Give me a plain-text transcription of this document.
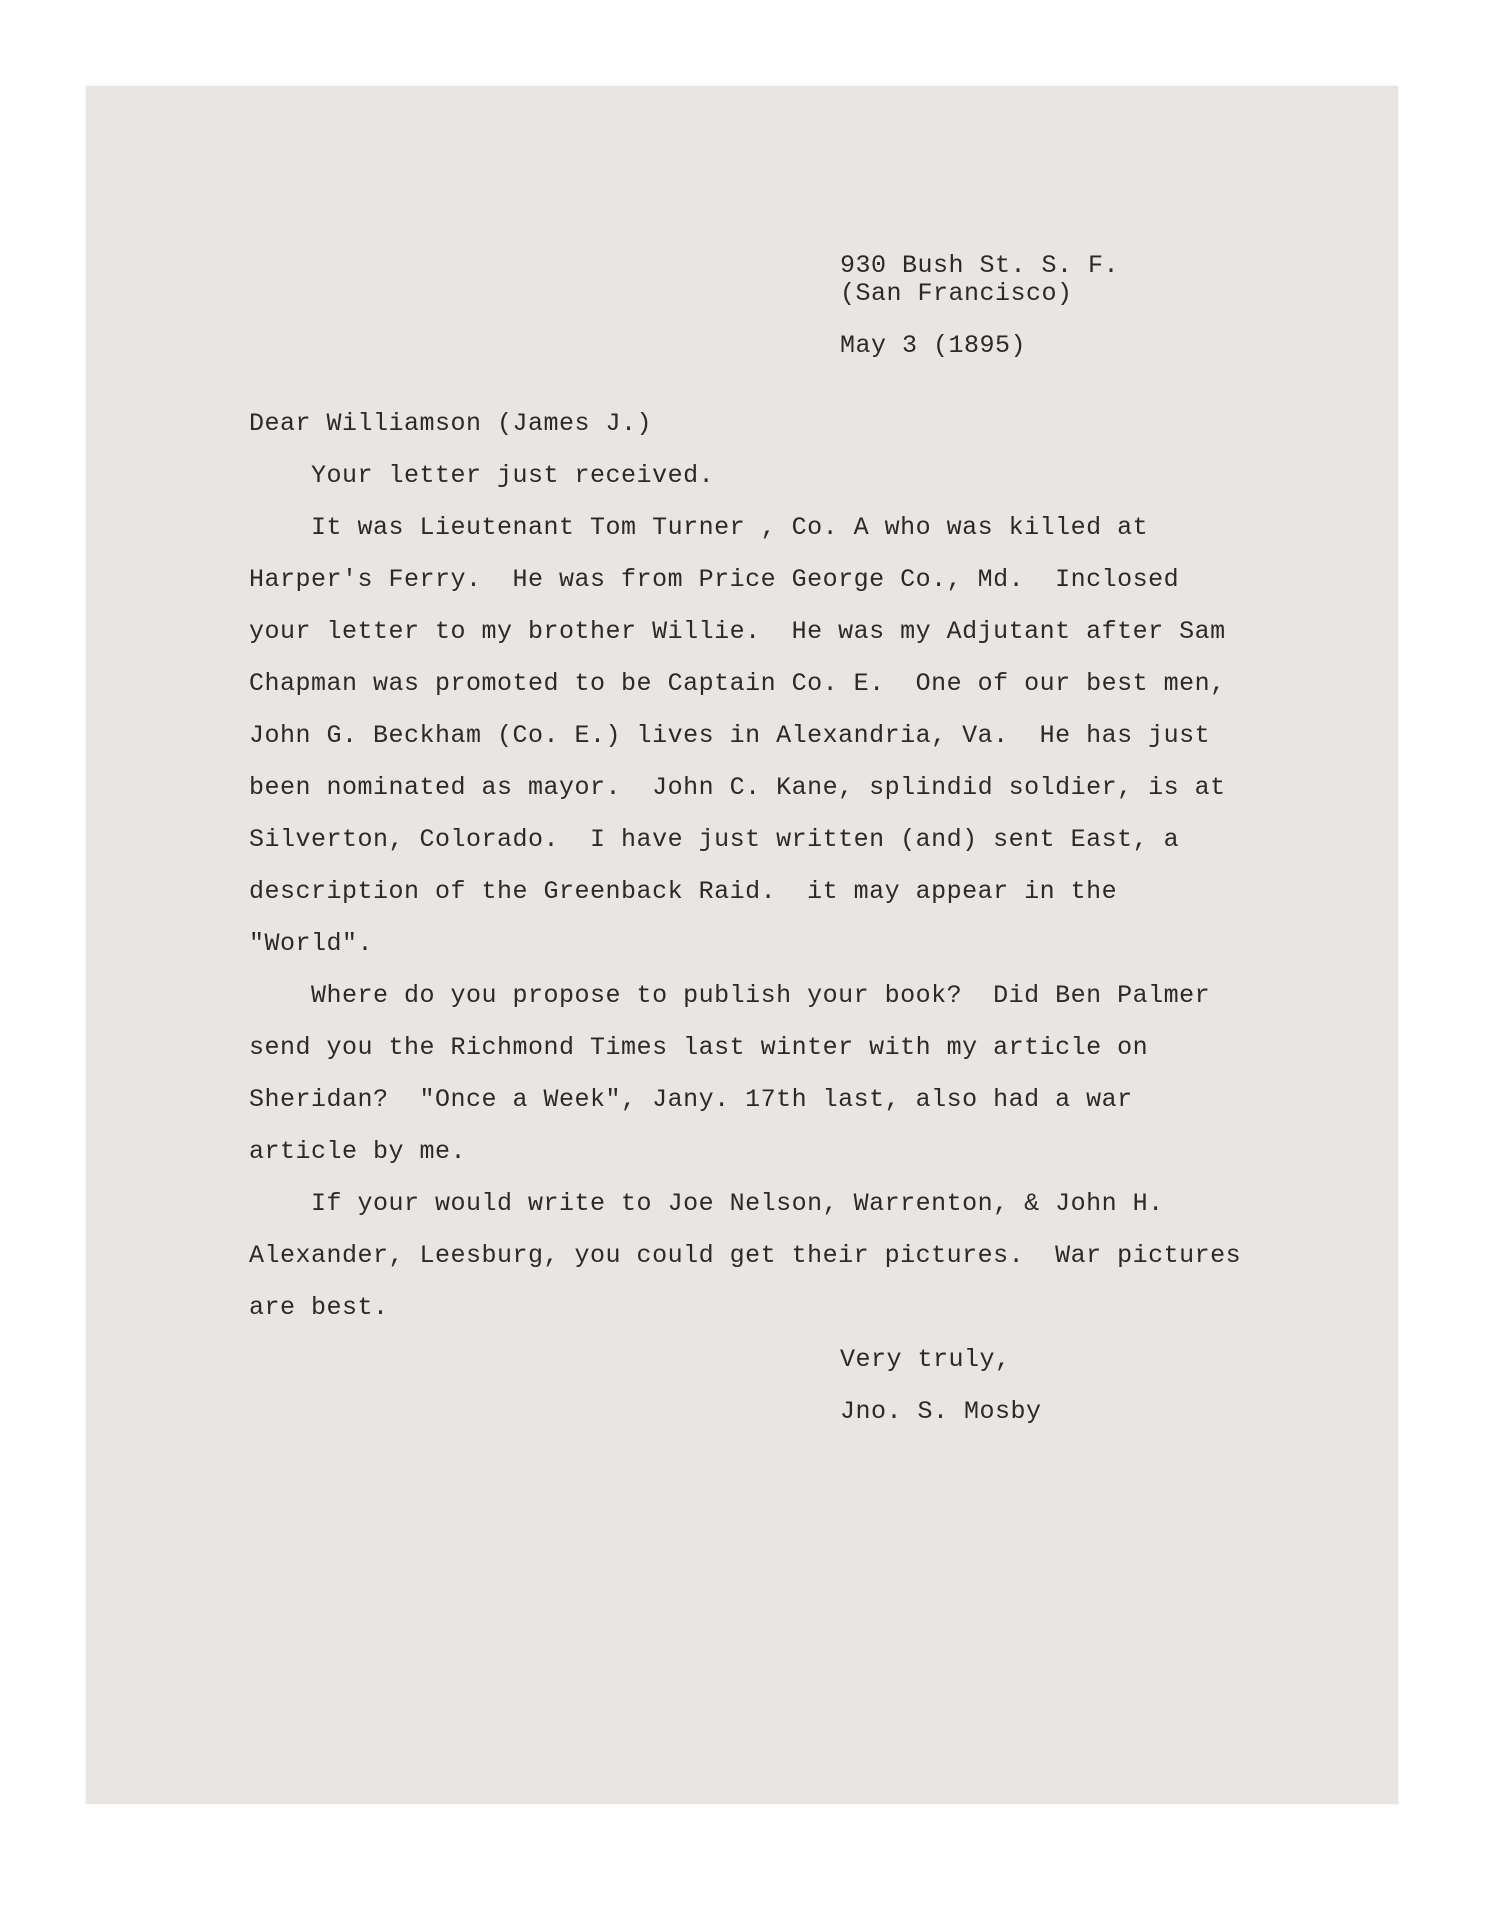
930 Bush St. S. F.

(San Francisco)

May 3 (1895)

Dear Williamson (James J.)

Your letter just received.

It was Lieutenant Tom Turner , Co. A who was killed at

Harper's Ferry.  He was from Price George Co., Md.  Inclosed

your letter to my brother Willie.  He was my Adjutant after Sam

Chapman was promoted to be Captain Co. E.  One of our best men,

John G. Beckham (Co. E.) lives in Alexandria, Va.  He has just

been nominated as mayor.  John C. Kane, splindid soldier, is at

Silverton, Colorado.  I have just written (and) sent East, a

description of the Greenback Raid.  it may appear in the

"World".

Where do you propose to publish your book?  Did Ben Palmer

send you the Richmond Times last winter with my article on

Sheridan?  "Once a Week", Jany. 17th last, also had a war

article by me.

If your would write to Joe Nelson, Warrenton, & John H.

Alexander, Leesburg, you could get their pictures.  War pictures

are best.

Very truly,

Jno. S. Mosby
